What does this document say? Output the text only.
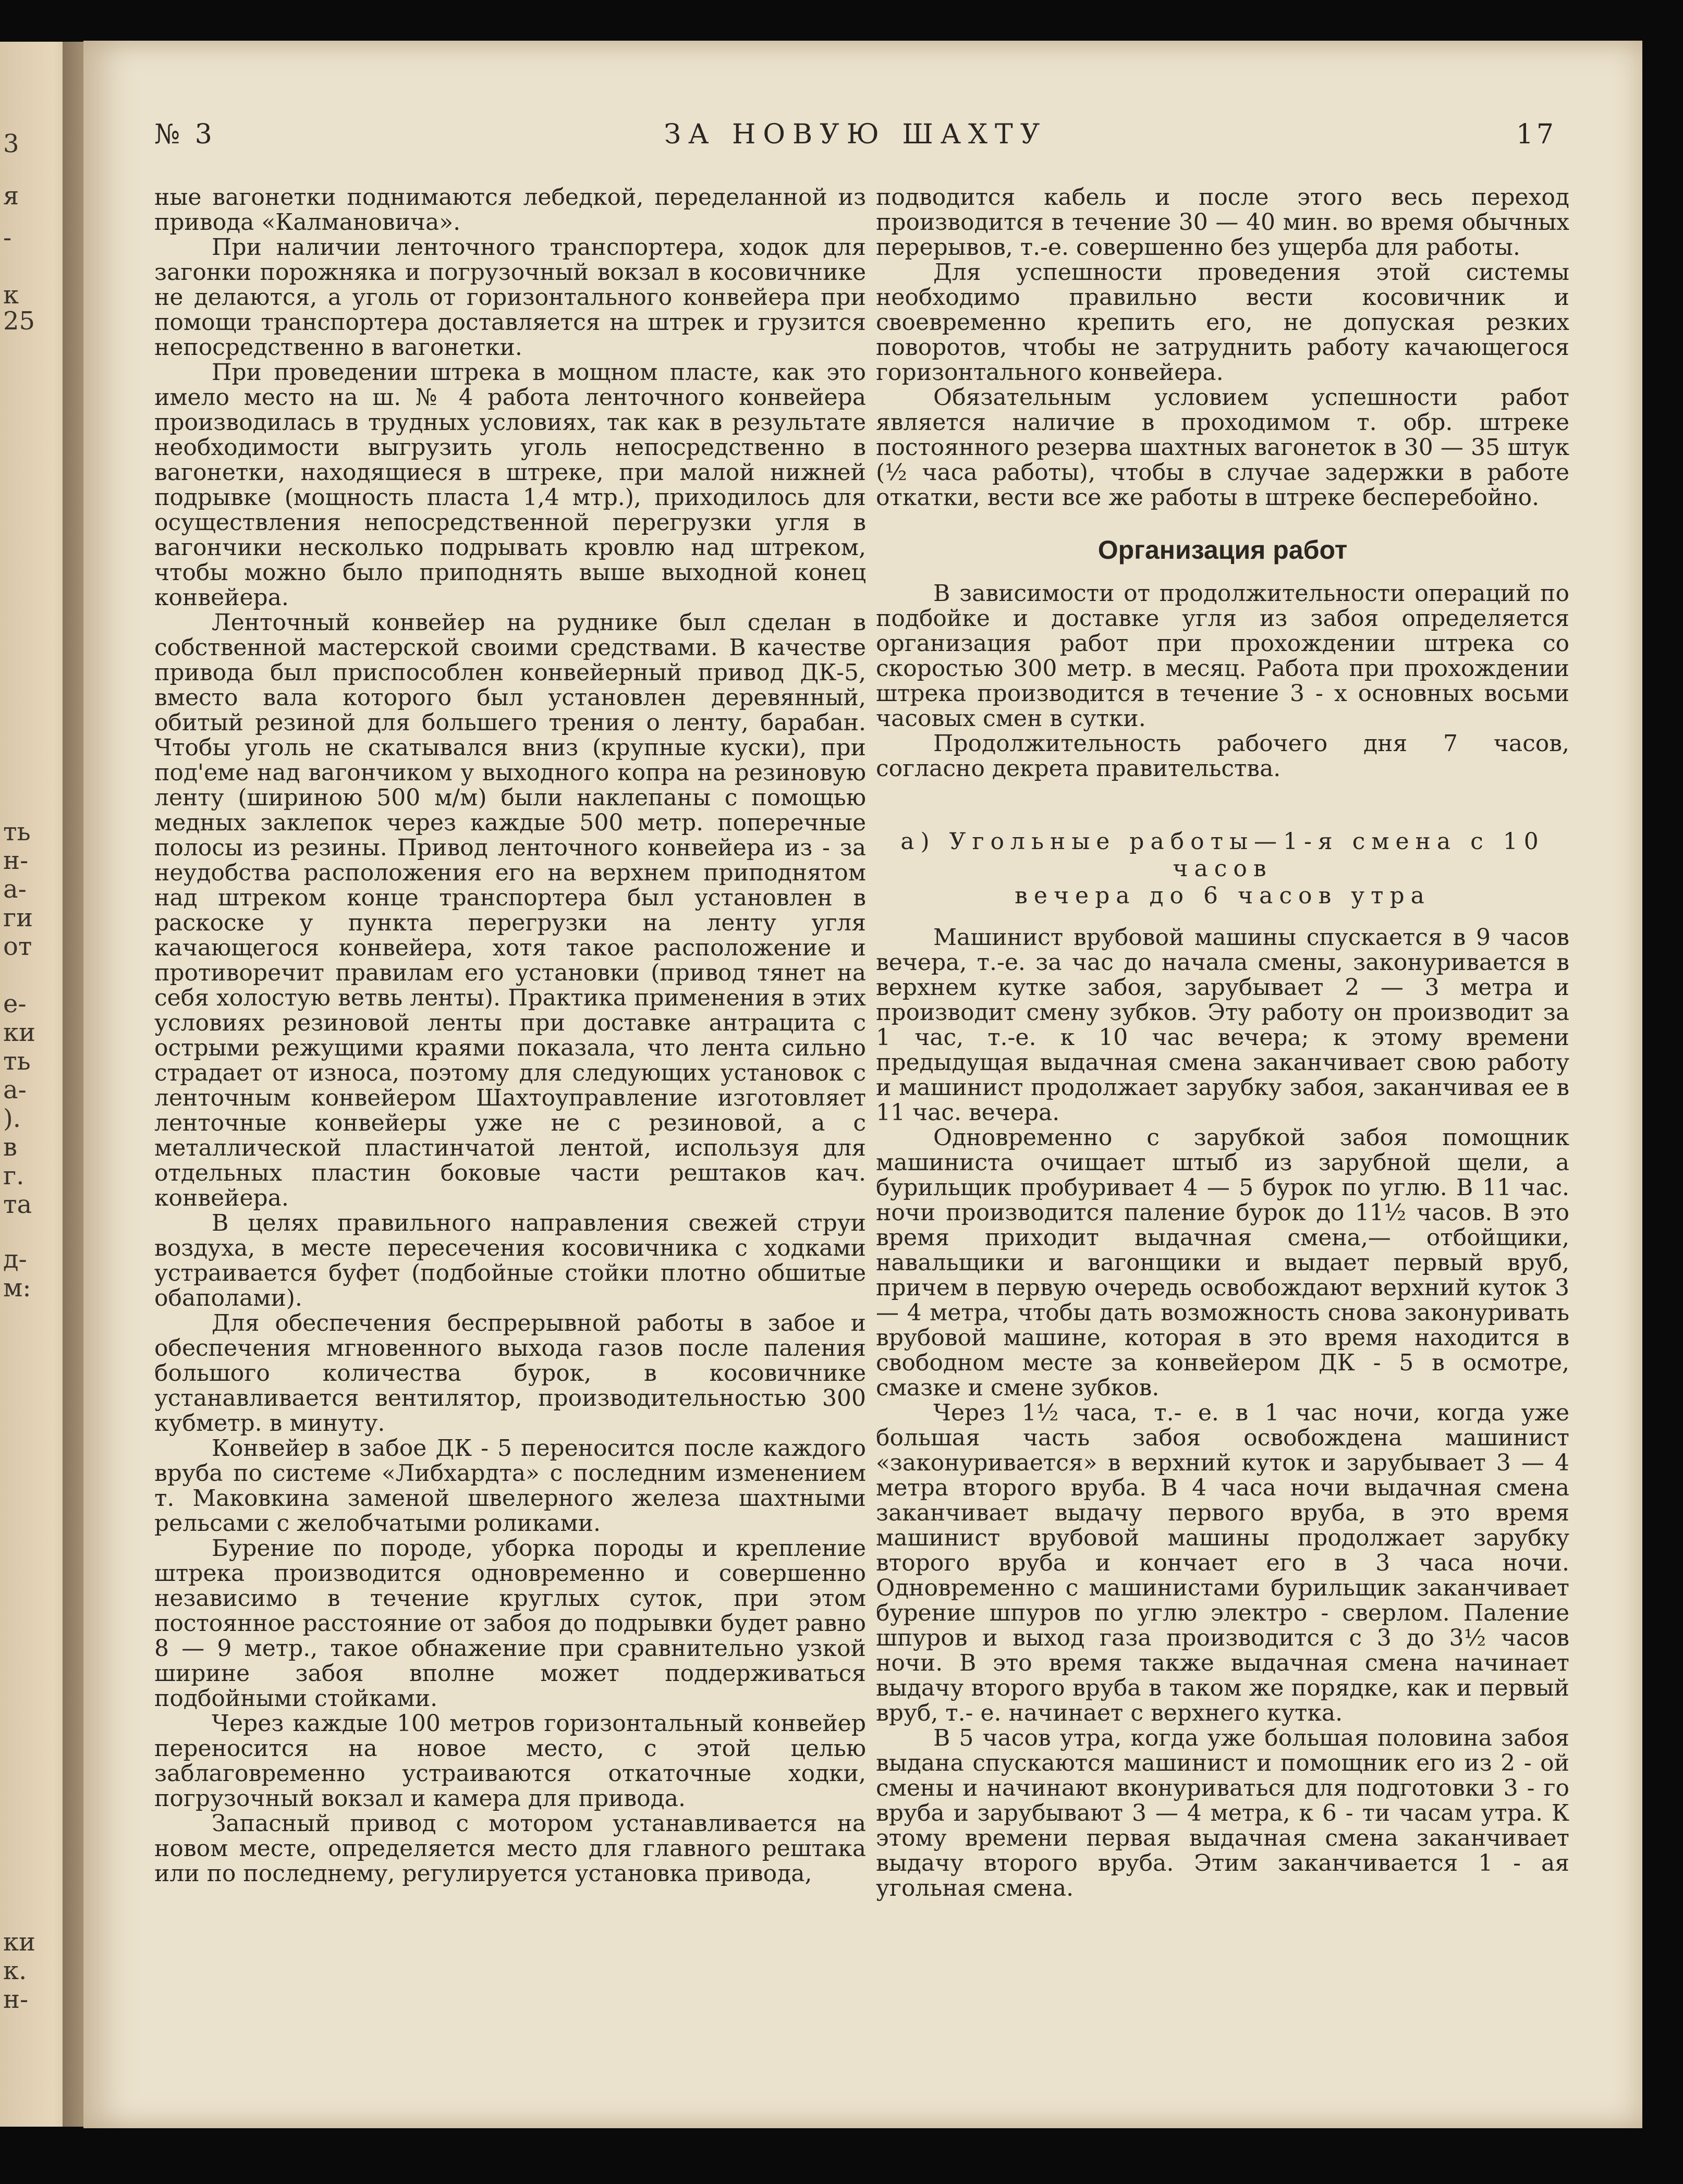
3
я
-
к
25
ть
н-
а-
ги
от
е-
ки
ть
а-
).
в
г.
та
д-
м:
ки
к.
н-
№ 3	ЗА НОВУЮ ШАХТУ	17

ные вагонетки поднимаются лебедкой, переделанной из привода «Калмановича».

При наличии ленточного транспортера, ходок для загонки порожняка и погрузочный вокзал в косовичнике не делаются, а уголь от горизонтального конвейера при помощи транспортера доставляется на штрек и грузится непосредственно в вагонетки.

При проведении штрека в мощном пласте, как это имело место на ш. № 4 работа ленточного конвейера производилась в трудных условиях, так как в результате необходимости выгрузить уголь непосредственно в вагонетки, находящиеся в штреке, при малой нижней подрывке (мощность пласта 1,4 мтр.), приходилось для осуществления непосредственной перегрузки угля в вагончики несколько подрывать кровлю над штреком, чтобы можно было приподнять выше выходной конец конвейера.

Ленточный конвейер на руднике был сделан в собственной мастерской своими средствами. В качестве привода был приспособлен конвейерный привод ДК-5, вместо вала которого был установлен деревянный, обитый резиной для большего трения о ленту, барабан. Чтобы уголь не скатывался вниз (крупные куски), при под'еме над вагончиком у выходного копра на резиновую ленту (шириною 500 м/м) были наклепаны с помощью медных заклепок через каждые 500 метр. поперечные полосы из резины. Привод ленточного конвейера из - за неудобства расположения его на верхнем приподнятом над штреком конце транспортера был установлен в раскоске у пункта перегрузки на ленту угля качающегося конвейера, хотя такое расположение и противоречит правилам его установки (привод тянет на себя холостую ветвь ленты). Практика применения в этих условиях резиновой ленты при доставке антрацита с острыми режущими краями показала, что лента сильно страдает от износа, поэтому для следующих установок с ленточным конвейером Шахтоуправление изготовляет ленточные конвейеры уже не с резиновой, а с металлической пластинчатой лентой, используя для отдельных пластин боковые части рештаков кач. конвейера.

В целях правильного направления свежей струи воздуха, в месте пересечения косовичника с ходками устраивается буфет (подбойные стойки плотно обшитые обаполами).

Для обеспечения беспрерывной работы в забое и обеспечения мгновенного выхода газов после паления большого количества бурок, в косовичнике устанавливается вентилятор, производительностью 300 кубметр. в минуту.

Конвейер в забое ДК - 5 переносится после каждого вруба по системе «Либхардта» с последним изменением т. Маковкина заменой швелерного железа шахтными рельсами с желобчатыми роликами.

Бурение по породе, уборка породы и крепление штрека производится одновременно и совершенно независимо в течение круглых суток, при этом постоянное расстояние от забоя до подрывки будет равно 8 — 9 метр., такое обнажение при сравнительно узкой ширине забоя вполне может поддерживаться подбойными стойками.

Через каждые 100 метров горизонтальный конвейер переносится на новое место, с этой целью заблаговременно устраиваются откаточные ходки, погрузочный вокзал и камера для привода.

Запасный привод с мотором устанавливается на новом месте, определяется место для главного рештака или по последнему, регулируется установка привода,

подводится кабель и после этого весь переход производится в течение 30 — 40 мин. во время обычных перерывов, т.-е. совершенно без ущерба для работы.

Для успешности проведения этой системы необходимо правильно вести косовичник и своевременно крепить его, не допуская резких поворотов, чтобы не затруднить работу качающегося горизонтального конвейера.

Обязательным условием успешности работ является наличие в проходимом т. обр. штреке постоянного резерва шахтных вагонеток в 30 — 35 штук (½ часа работы), чтобы в случае задержки в работе откатки, вести все же работы в штреке бесперебойно.

Организация работ

В зависимости от продолжительности операций по подбойке и доставке угля из забоя определяется организация работ при прохождении штрека со скоростью 300 метр. в месяц. Работа при прохождении штрека производится в течение 3 - х основных восьми часовых смен в сутки.

Продолжительность рабочего дня 7 часов, согласно декрета правительства.

а) Угольные работы—1-я смена с 10 часов
вечера до 6 часов утра

Машинист врубовой машины спускается в 9 часов вечера, т.-е. за час до начала смены, законуривается в верхнем кутке забоя, зарубывает 2 — 3 метра и производит смену зубков. Эту работу он производит за 1 час, т.-е. к 10 час вечера; к этому времени предыдущая выдачная смена заканчивает свою работу и машинист продолжает зарубку забоя, заканчивая ее в 11 час. вечера.

Одновременно с зарубкой забоя помощник машиниста очищает штыб из зарубной щели, а бурильщик пробуривает 4 — 5 бурок по углю. В 11 час. ночи производится паление бурок до 11½ часов. В это время приходит выдачная смена,— отбойщики, навальщики и вагонщики и выдает первый вруб, причем в первую очередь освобождают верхний куток 3 — 4 метра, чтобы дать возможность снова законуривать врубовой машине, которая в это время находится в свободном месте за конвейером ДК - 5 в осмотре, смазке и смене зубков.

Через 1½ часа, т.- е. в 1 час ночи, когда уже большая часть забоя освобождена машинист «законуривается» в верхний куток и зарубывает 3 — 4 метра второго вруба. В 4 часа ночи выдачная смена заканчивает выдачу первого вруба, в это время машинист врубовой машины продолжает зарубку второго вруба и кончает его в 3 часа ночи. Одновременно с машинистами бурильщик заканчивает бурение шпуров по углю электро - сверлом. Паление шпуров и выход газа производится с 3 до 3½ часов ночи. В это время также выдачная смена начинает выдачу второго вруба в таком же порядке, как и первый вруб, т.- е. начинает с верхнего кутка.

В 5 часов утра, когда уже большая половина забоя выдана спускаются машинист и помощник его из 2 - ой смены и начинают вконуриваться для подготовки 3 - го вруба и зарубывают 3 — 4 метра, к 6 - ти часам утра. К этому времени первая выдачная смена заканчивает выдачу второго вруба. Этим заканчивается 1 - ая угольная смена.
